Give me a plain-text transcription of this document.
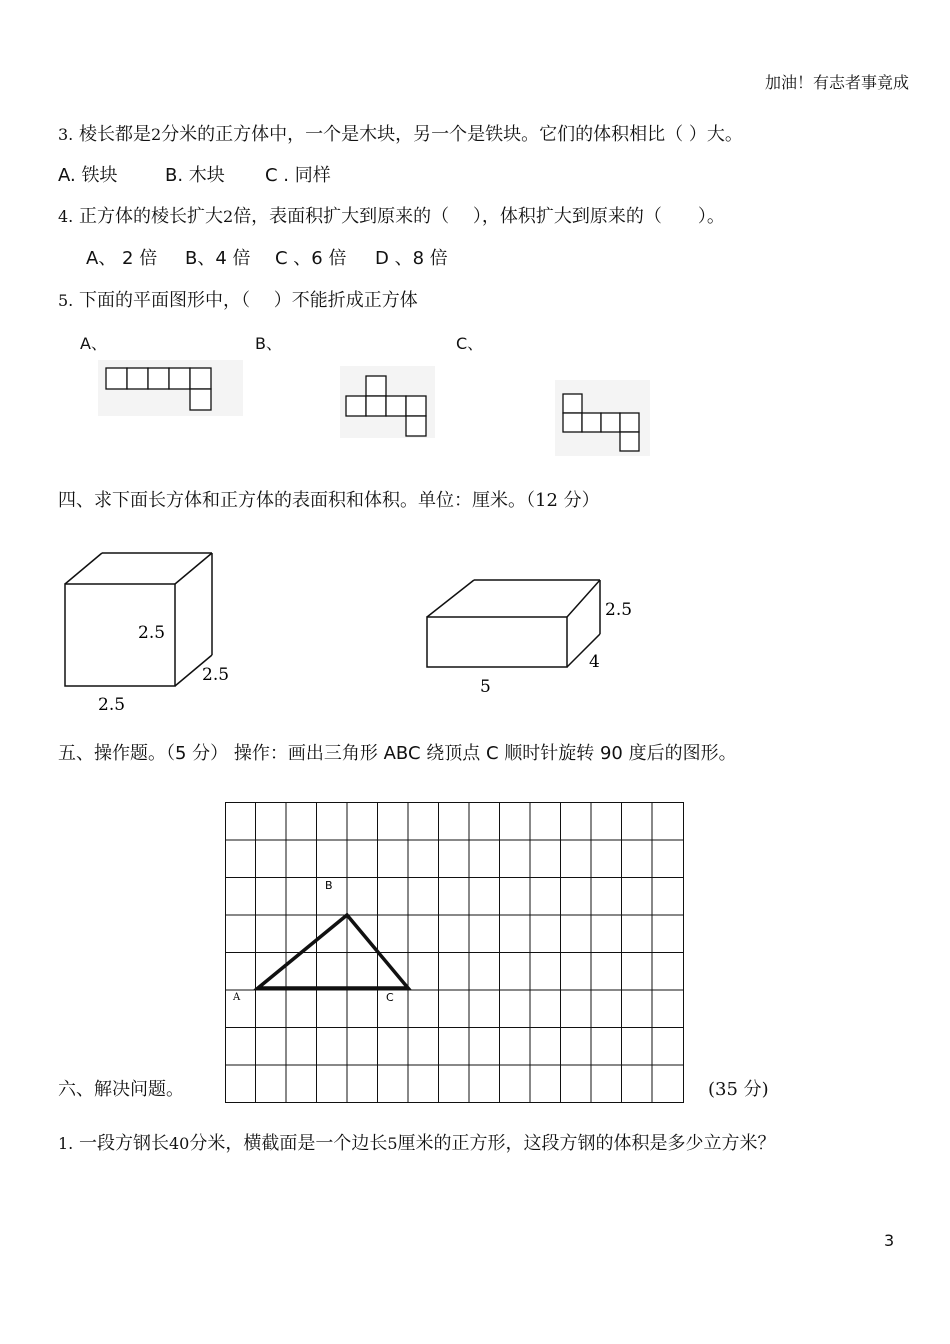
加油！有志者事竟成
3. 棱长都是2分米的正方体中，一个是木块，另一个是铁块。它们的体积相比（ ）大。
A. 铁块	B. 木块 C . 同样
4. 正方体的棱长扩大2倍，表面积扩大到原来的（　 ），体积扩大到原来的（　　）。
A、 2 倍 B、4 倍 C 、6 倍 D 、8 倍
5. 下面的平面图形中，（　 ）不能折成正方体
A、	B、	C、
四、求下面长方体和正方体的表面积和体积。单位：厘米。（12 分）
2.5
2.5
2.5
2.5
4
5
五、操作题。（5 分） 操作：画出三角形 ABC 绕顶点 C 顺时针旋转 90 度后的图形。
A
B
C
六、解决问题。	(35 分)
1. 一段方钢长40分米，横截面是一个边长5厘米的正方形，这段方钢的体积是多少立方米？
3
